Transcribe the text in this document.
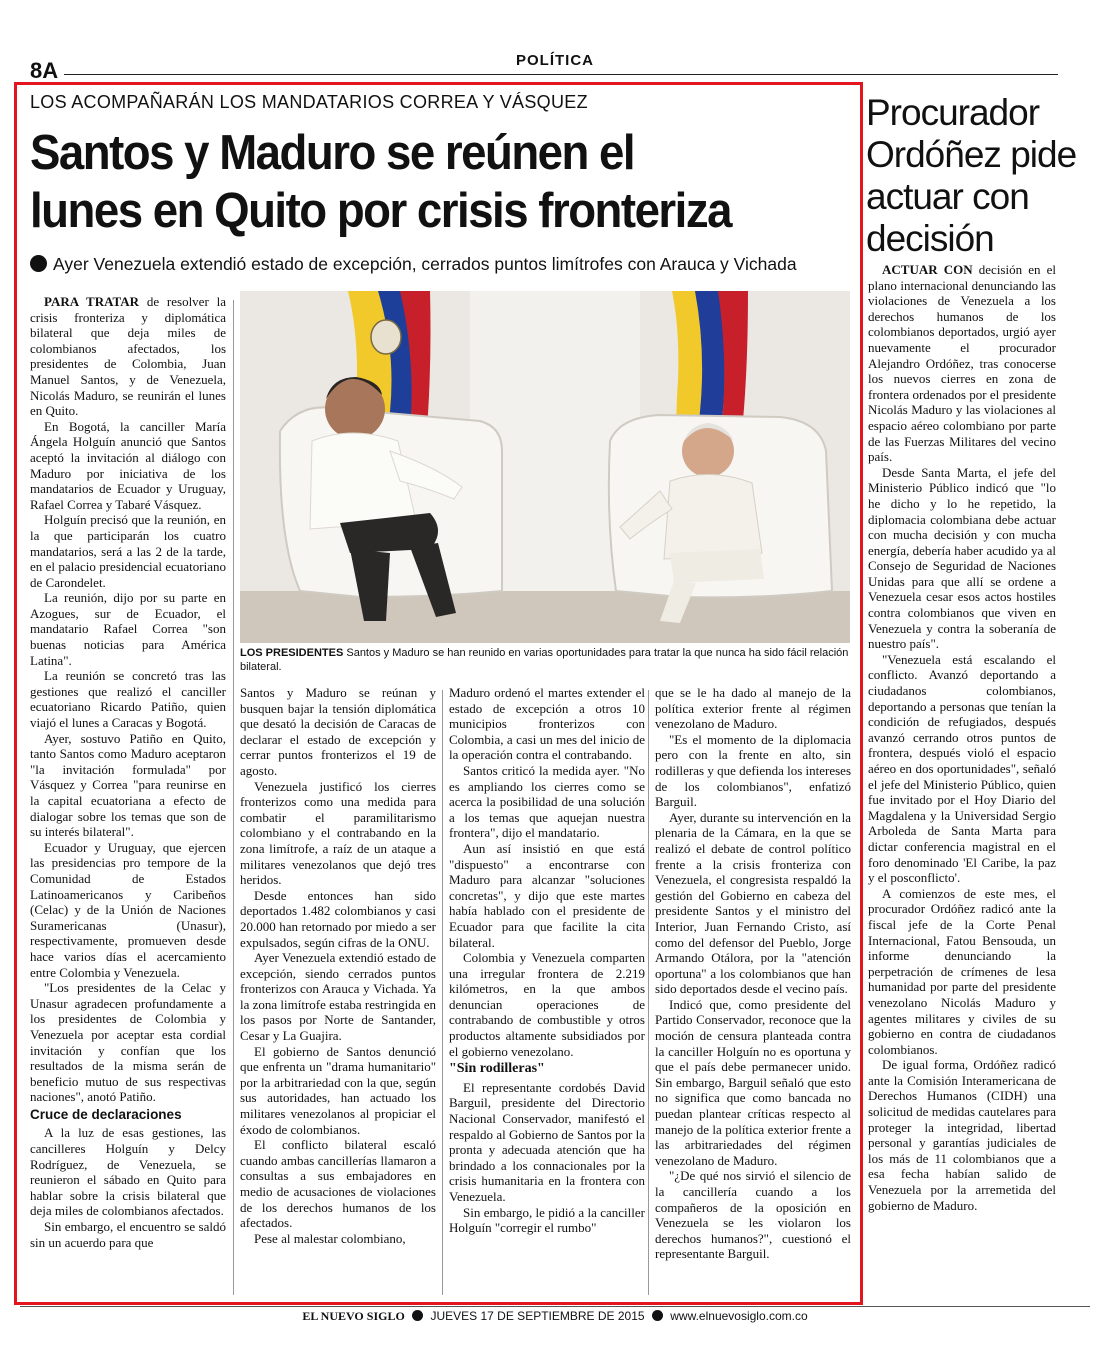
8A	POLÍTICA
LOS ACOMPAÑARÁN LOS MANDATARIOS CORREA Y VÁSQUEZ
Santos y Maduro se reúnen el
lunes en Quito por crisis fronteriza
Ayer Venezuela extendió estado de excepción, cerrados puntos limítrofes con Arauca y Vichada

PARA TRATAR de resolver la crisis fronteriza y diplomática bilateral que deja miles de colombianos afectados, los presidentes de Colombia, Juan Manuel Santos, y de Venezuela, Nicolás Maduro, se reunirán el lunes en Quito.

En Bogotá, la canciller María Ángela Holguín anunció que Santos aceptó la invitación al diálogo con Maduro por iniciativa de los mandatarios de Ecuador y Uruguay, Rafael Correa y Tabaré Vásquez.

Holguín precisó que la reunión, en la que participarán los cuatro mandatarios, será a las 2 de la tarde, en el palacio presidencial ecuatoriano de Carondelet.

La reunión, dijo por su parte en Azogues, sur de Ecuador, el mandatario Rafael Correa "son buenas noticias para América Latina".

La reunión se concretó tras las gestiones que realizó el canciller ecuatoriano Ricardo Patiño, quien viajó el lunes a Caracas y Bogotá.

Ayer, sostuvo Patiño en Quito, tanto Santos como Maduro aceptaron "la invitación formulada" por Vásquez y Correa "para reunirse en la capital ecuatoriana a efecto de dialogar sobre los temas que son de su interés bilateral".

Ecuador y Uruguay, que ejercen las presidencias pro tempore de la Comunidad de Estados Latinoamericanos y Caribeños (Celac) y de la Unión de Naciones Suramericanas (Unasur), respectivamente, promueven desde hace varios días el acercamiento entre Colombia y Venezuela.

"Los presidentes de la Celac y Unasur agradecen profundamente a los presidentes de Colombia y Venezuela por aceptar esta cordial invitación y confían que los resultados de la misma serán de beneficio mutuo de sus respectivas naciones", anotó Patiño.

Cruce de declaraciones

A la luz de esas gestiones, las cancilleres Holguín y Delcy Rodríguez, de Venezuela, se reunieron el sábado en Quito para hablar sobre la crisis bilateral que deja miles de colombianos afectados.

Sin embargo, el encuentro se saldó sin un acuerdo para que

LOS PRESIDENTES Santos y Maduro se han reunido en varias oportunidades para tratar la que nunca ha sido fácil relación bilateral.

Santos y Maduro se reúnan y busquen bajar la tensión diplomática que desató la decisión de Caracas de declarar el estado de excepción y cerrar puntos fronterizos el 19 de agosto.

Venezuela justificó los cierres fronterizos como una medida para combatir el paramilitarismo colombiano y el contrabando en la zona limítrofe, a raíz de un ataque a militares venezolanos que dejó tres heridos.

Desde entonces han sido deportados 1.482 colombianos y casi 20.000 han retornado por miedo a ser expulsados, según cifras de la ONU.

Ayer Venezuela extendió estado de excepción, siendo cerrados puntos fronterizos con Arauca y Vichada. Ya la zona limítrofe estaba restringida en los pasos por Norte de Santander, Cesar y La Guajira.

El gobierno de Santos denunció que enfrenta un "drama humanitario" por la arbitrariedad con la que, según sus autoridades, han actuado los militares venezolanos al propiciar el éxodo de colombianos.

El conflicto bilateral escaló cuando ambas cancillerías llamaron a consultas a sus embajadores en medio de acusaciones de violaciones de los derechos humanos de los afectados.

Pese al malestar colombiano,

Maduro ordenó el martes extender el estado de excepción a otros 10 municipios fronterizos con Colombia, a casi un mes del inicio de la operación contra el contrabando.

Santos criticó la medida ayer. "No es ampliando los cierres como se acerca la posibilidad de una solución a los temas que aquejan nuestra frontera", dijo el mandatario.

Aun así insistió en que está "dispuesto" a encontrarse con Maduro para alcanzar "soluciones concretas", y dijo que este martes había hablado con el presidente de Ecuador para que facilite la cita bilateral.

Colombia y Venezuela comparten una irregular frontera de 2.219 kilómetros, en la que ambos denuncian operaciones de contrabando de combustible y otros productos altamente subsidiados por el gobierno venezolano.

"Sin rodilleras"

El representante cordobés David Barguil, presidente del Directorio Nacional Conservador, manifestó el respaldo al Gobierno de Santos por la pronta y adecuada atención que ha brindado a los connacionales por la crisis humanitaria en la frontera con Venezuela.

Sin embargo, le pidió a la canciller Holguín "corregir el rumbo"

que se le ha dado al manejo de la política exterior frente al régimen venezolano de Maduro.

"Es el momento de la diplomacia pero con la frente en alto, sin rodilleras y que defienda los intereses de los colombianos", enfatizó Barguil.

Ayer, durante su intervención en la plenaria de la Cámara, en la que se realizó el debate de control político frente a la crisis fronteriza con Venezuela, el congresista respaldó la gestión del Gobierno en cabeza del presidente Santos y el ministro del Interior, Juan Fernando Cristo, así como del defensor del Pueblo, Jorge Armando Otálora, por la "atención oportuna" a los colombianos que han sido deportados desde el vecino país.

Indicó que, como presidente del Partido Conservador, reconoce que la moción de censura planteada contra la canciller Holguín no es oportuna y que el país debe permanecer unido. Sin embargo, Barguil señaló que esto no significa que como bancada no puedan plantear críticas respecto al manejo de la política exterior frente a las arbitrariedades del régimen venezolano de Maduro.

"¿De qué nos sirvió el silencio de la cancillería cuando a los compañeros de la oposición en Venezuela se les violaron los derechos humanos?", cuestionó el representante Barguil.

Procurador Ordóñez pide actuar con decisión

ACTUAR CON decisión en el plano internacional denunciando las violaciones de Venezuela a los derechos humanos de los colombianos deportados, urgió ayer nuevamente el procurador Alejandro Ordóñez, tras conocerse los nuevos cierres en zona de frontera ordenados por el presidente Nicolás Maduro y las violaciones al espacio aéreo colombiano por parte de las Fuerzas Militares del vecino país.

Desde Santa Marta, el jefe del Ministerio Público indicó que "lo he dicho y lo he repetido, la diplomacia colombiana debe actuar con mucha decisión y con mucha energía, debería haber acudido ya al Consejo de Seguridad de Naciones Unidas para que allí se ordene a Venezuela cesar esos actos hostiles contra colombianos que viven en Venezuela y contra la soberanía de nuestro país".

"Venezuela está escalando el conflicto. Avanzó deportando a ciudadanos colombianos, deportando a personas que tenían la condición de refugiados, después avanzó cerrando otros puntos de frontera, después violó el espacio aéreo en dos oportunidades", señaló el jefe del Ministerio Público, quien fue invitado por el Hoy Diario del Magdalena y la Universidad Sergio Arboleda de Santa Marta para dictar conferencia magistral en el foro denominado 'El Caribe, la paz y el posconflicto'.

A comienzos de este mes, el procurador Ordóñez radicó ante la fiscal jefe de la Corte Penal Internacional, Fatou Bensouda, un informe denunciando la perpetración de crímenes de lesa humanidad por parte del presidente venezolano Nicolás Maduro y agentes militares y civiles de su gobierno en contra de ciudadanos colombianos.

De igual forma, Ordóñez radicó ante la Comisión Interamericana de Derechos Humanos (CIDH) una solicitud de medidas cautelares para proteger la integridad, libertad personal y garantías judiciales de los más de 11 colombianos que a esa fecha habían salido de Venezuela por la arremetida del gobierno de Maduro.

EL NUEVO SIGLO JUEVES 17 DE SEPTIEMBRE DE 2015 www.elnuevosiglo.com.co
